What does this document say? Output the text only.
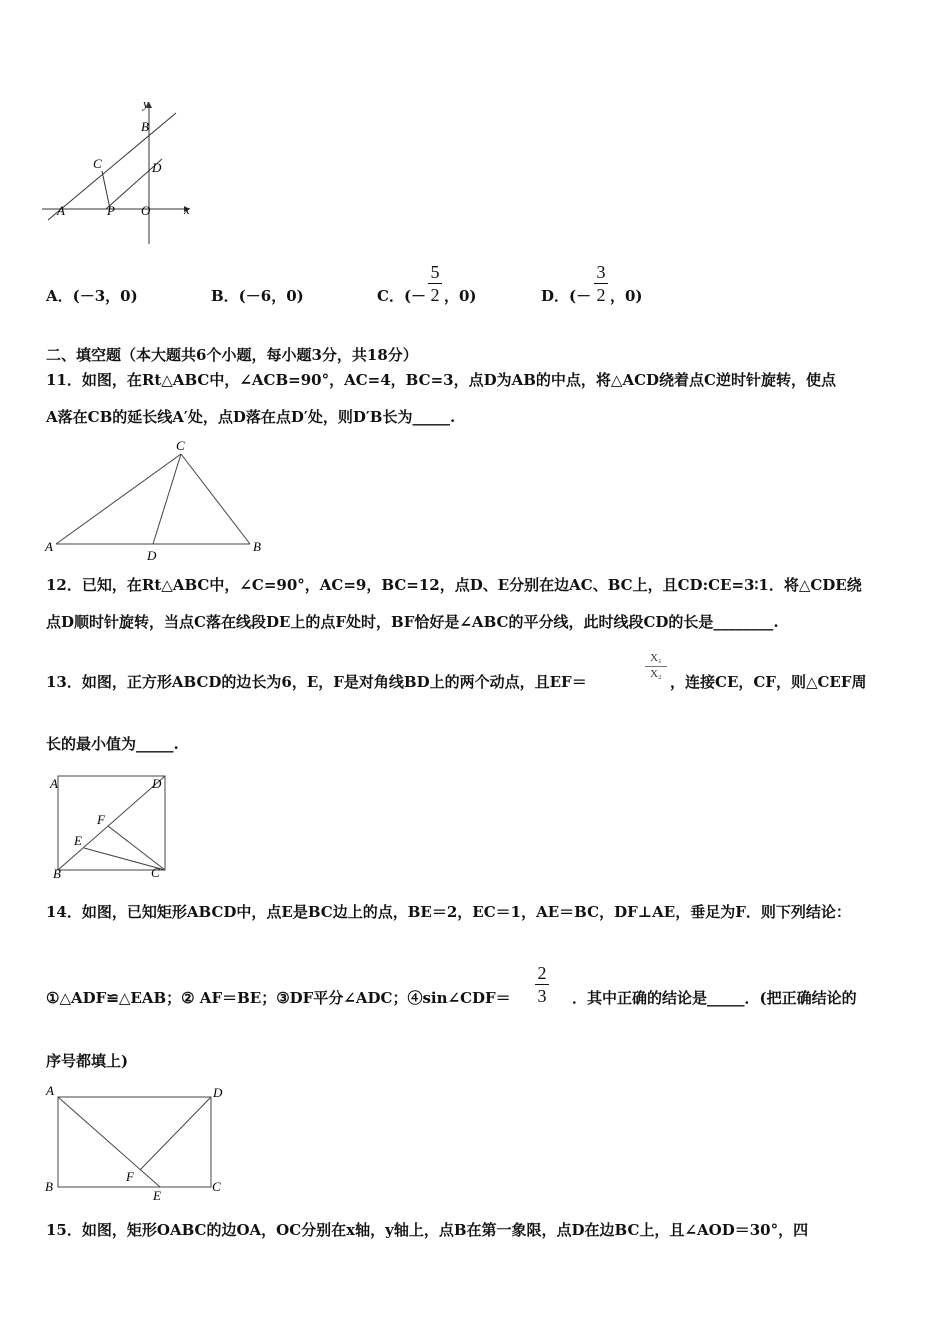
y
x
B
C	D
A	P O
A．(－3，0)	B．(－6，0)	C．(－
5
2 ，0)	D．(－
3
2 ，0)
二、填空题（本大题共6个小题，每小题3分，共18分）
11．如图，在Rt△ABC中，∠ACB=90°，AC=4，BC=3，点D为AB的中点，将△ACD绕着点C逆时针旋转，使点
A落在CB的延长线A′处，点D落在点D′处，则D′B长为_____.
C
A
D
B
12．已知，在Rt△ABC中，∠C=90°，AC=9，BC=12，点D、E分别在边AC、BC上，且CD:CE=3∶1．将△CDE绕
点D顺时针旋转，当点C落在线段DE上的点F处时，BF恰好是∠ABC的平分线，此时线段CD的长是________.
13．如图，正方形ABCD的边长为6，E，F是对角线BD上的两个动点，且EF＝
X₁
X₂ ，连接CE，CF，则△CEF周
长的最小值为_____.
A	D
F
E
B	C
14．如图，已知矩形ABCD中，点E是BC边上的点，BE＝2，EC＝1，AE＝BC，DF⊥AE，垂足为F．则下列结论：
①△ADF≌△EAB；② AF＝BE；③DF平分∠ADC；④sin∠CDF＝
2
3 ．其中正确的结论是_____．(把正确结论的
序号都填上)
A	D
F
B
E
C
15．如图，矩形OABC的边OA，OC分别在x轴，y轴上，点B在第一象限，点D在边BC上，且∠AOD＝30°，四
